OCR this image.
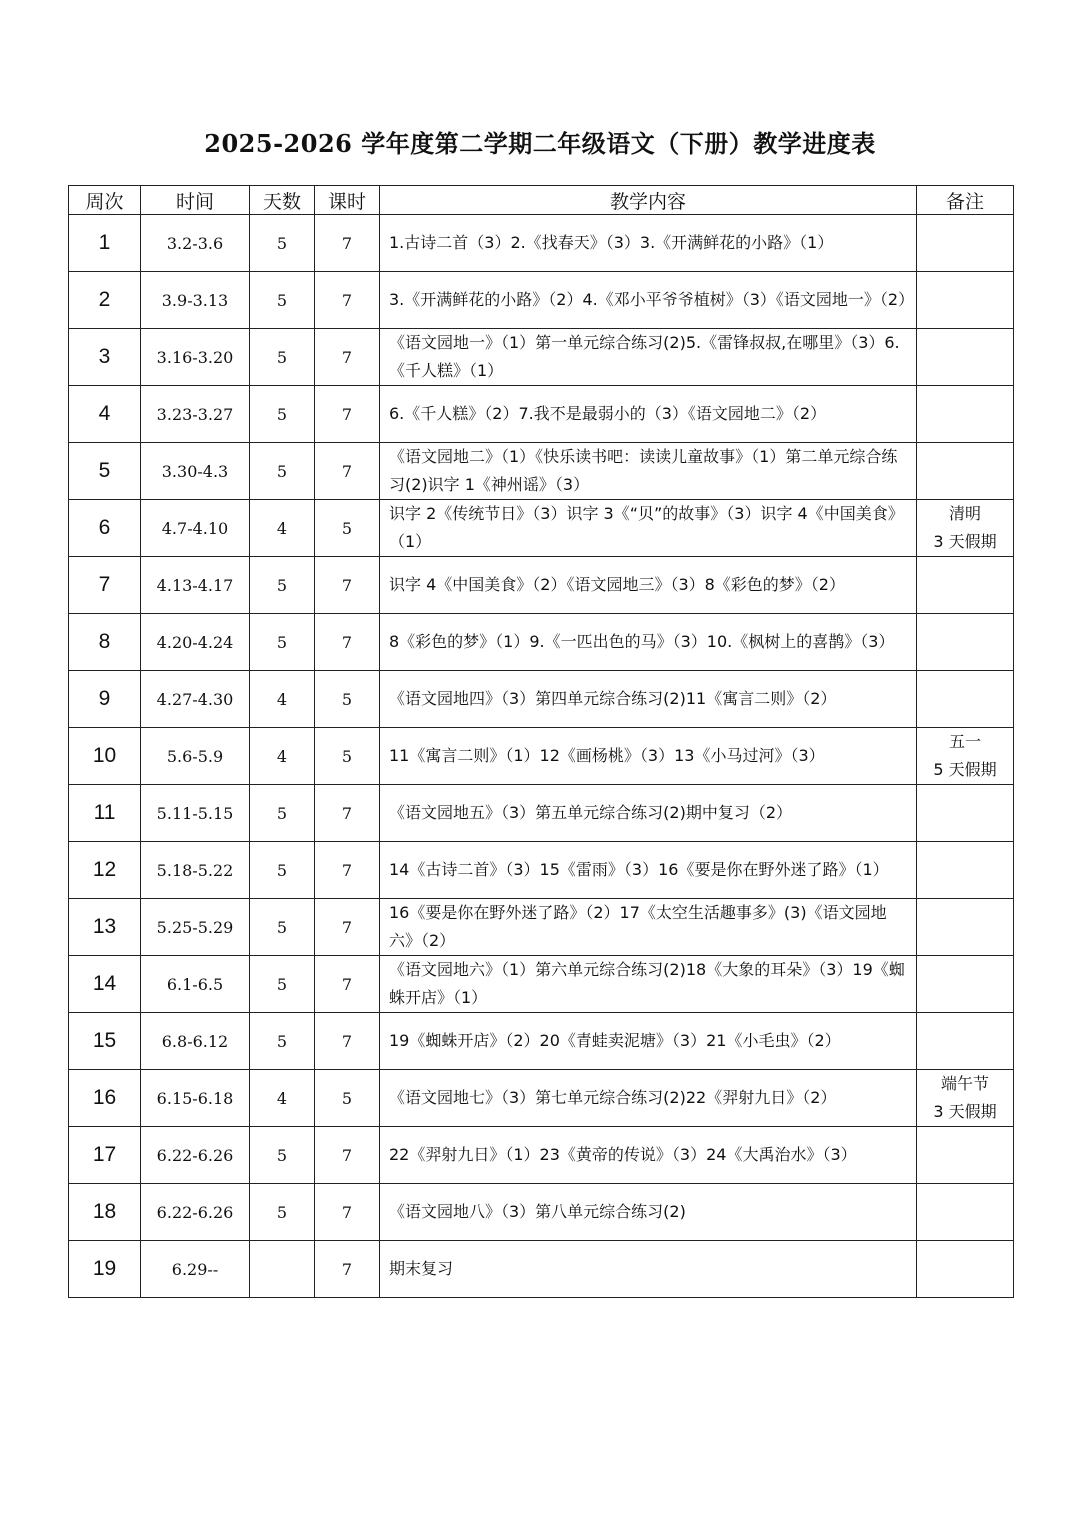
2025-2026 学年度第二学期二年级语文（下册）教学进度表
周次	时间	天数	课时	教学内容	备注
1	3.2-3.6	5	7	1.古诗二首（3）2.《找春天》（3）3.《开满鲜花的小路》（1）	

2	3.9-3.13	5	7	3.《开满鲜花的小路》（2）4.《邓小平爷爷植树》（3）《语文园地一》（2）	

3	3.16-3.20	5	7	《语文园地一》（1）第一单元综合练习(2)5.《雷锋叔叔,在哪里》（3）6.《千人糕》（1）	

4	3.23-3.27	5	7	6.《千人糕》（2）7.我不是最弱小的（3）《语文园地二》（2）	

5	3.30-4.3	5	7	《语文园地二》（1）《快乐读书吧：读读儿童故事》（1）第二单元综合练习(2)识字 1《神州谣》（3）	

6	4.7-4.10	4	5	识字 2《传统节日》（3）识字 3《“贝”的故事》（3）识字 4《中国美食》（1）	清明
3 天假期

7	4.13-4.17	5	7	识字 4《中国美食》（2）《语文园地三》（3）8《彩色的梦》（2）	

8	4.20-4.24	5	7	8《彩色的梦》（1）9.《一匹出色的马》（3）10.《枫树上的喜鹊》（3）	

9	4.27-4.30	4	5	《语文园地四》（3）第四单元综合练习(2)11《寓言二则》（2）	

10	5.6-5.9	4	5	11《寓言二则》（1）12《画杨桃》（3）13《小马过河》（3）	五一
5 天假期

11	5.11-5.15	5	7	《语文园地五》（3）第五单元综合练习(2)期中复习（2）	

12	5.18-5.22	5	7	14《古诗二首》（3）15《雷雨》（3）16《要是你在野外迷了路》（1）	

13	5.25-5.29	5	7	16《要是你在野外迷了路》（2）17《太空生活趣事多》(3)《语文园地六》（2）	

14	6.1-6.5	5	7	《语文园地六》（1）第六单元综合练习(2)18《大象的耳朵》（3）19《蜘蛛开店》（1）	

15	6.8-6.12	5	7	19《蜘蛛开店》（2）20《青蛙卖泥塘》（3）21《小毛虫》（2）	

16	6.15-6.18	4	5	《语文园地七》（3）第七单元综合练习(2)22《羿射九日》（2）	端午节
3 天假期

17	6.22-6.26	5	7	22《羿射九日》（1）23《黄帝的传说》（3）24《大禹治水》（3）	

18	6.22-6.26	5	7	《语文园地八》（3）第八单元综合练习(2)	

19	6.29--		7	期末复习	
